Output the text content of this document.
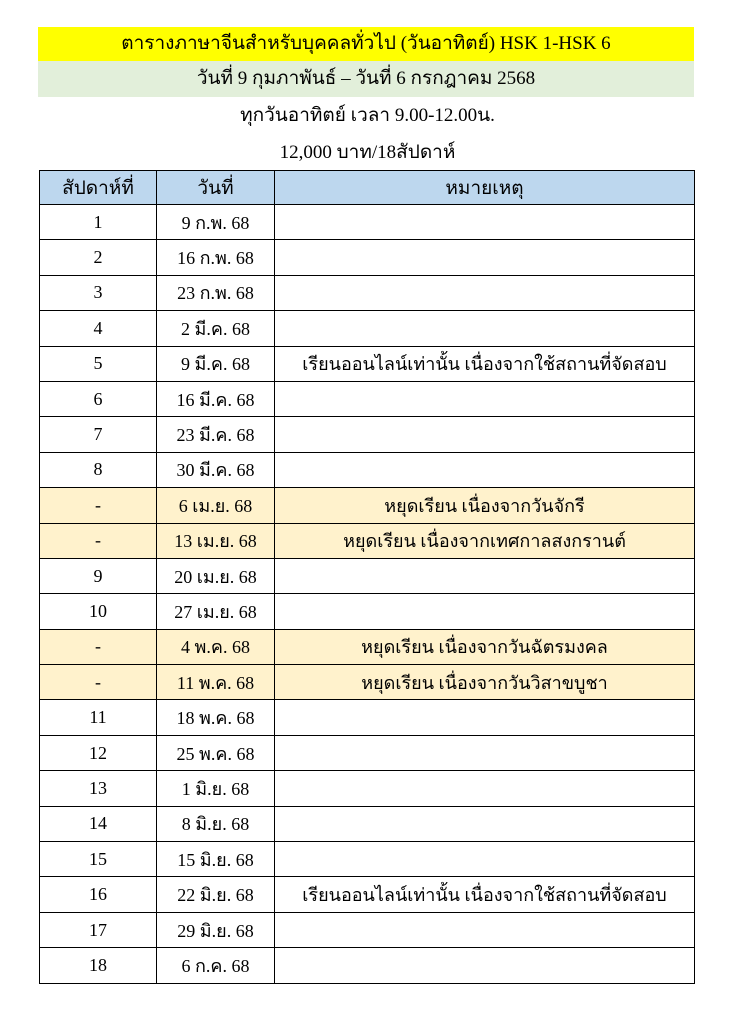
ตารางภาษาจีนสำหรับบุคคลทั่วไป (วันอาทิตย์) HSK 1-HSK 6
วันที่ 9 กุมภาพันธ์ – วันที่ 6 กรกฎาคม 2568
ทุกวันอาทิตย์ เวลา 9.00-12.00น.
12,000 บาท/18สัปดาห์
สัปดาห์ที่	วันที่	หมายเหตุ
1	9 ก.พ. 68	
2	16 ก.พ. 68	
3	23 ก.พ. 68	
4	2 มี.ค. 68	
5	9 มี.ค. 68	เรียนออนไลน์เท่านั้น เนื่องจากใช้สถานที่จัดสอบ
6	16 มี.ค. 68	
7	23 มี.ค. 68	
8	30 มี.ค. 68	
-	6 เม.ย. 68	หยุดเรียน เนื่องจากวันจักรี
-	13 เม.ย. 68	หยุดเรียน เนื่องจากเทศกาลสงกรานต์
9	20 เม.ย. 68	
10	27 เม.ย. 68	
-	4 พ.ค. 68	หยุดเรียน เนื่องจากวันฉัตรมงคล
-	11 พ.ค. 68	หยุดเรียน เนื่องจากวันวิสาขบูชา
11	18 พ.ค. 68	
12	25 พ.ค. 68	
13	1 มิ.ย. 68	
14	8 มิ.ย. 68	
15	15 มิ.ย. 68	
16	22 มิ.ย. 68	เรียนออนไลน์เท่านั้น เนื่องจากใช้สถานที่จัดสอบ
17	29 มิ.ย. 68	
18	6 ก.ค. 68	
